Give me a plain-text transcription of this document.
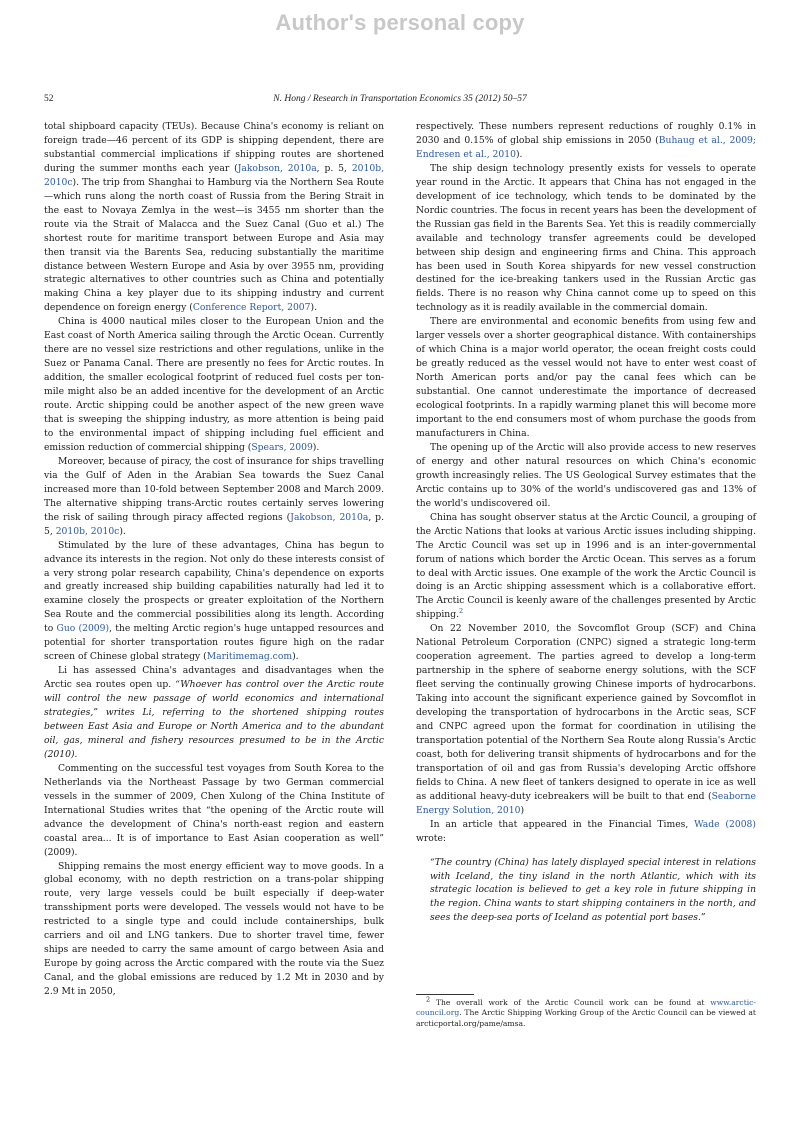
Author's personal copy
52	N. Hong / Research in Transportation Economics 35 (2012) 50–57

total shipboard capacity (TEUs). Because China's economy is reliant on foreign trade—46 percent of its GDP is shipping dependent, there are substantial commercial implications if shipping routes are shortened during the summer months each year (Jakobson, 2010a, p. 5, 2010b, 2010c). The trip from Shanghai to Hamburg via the Northern Sea Route—which runs along the north coast of Russia from the Bering Strait in the east to Novaya Zemlya in the west—is 3455 nm shorter than the route via the Strait of Malacca and the Suez Canal (Guo et al.) The shortest route for maritime transport between Europe and Asia may then transit via the Barents Sea, reducing substantially the maritime distance between Western Europe and Asia by over 3955 nm, providing strategic alternatives to other countries such as China and potentially making China a key player due to its shipping industry and current dependence on foreign energy (Conference Report, 2007).

China is 4000 nautical miles closer to the European Union and the East coast of North America sailing through the Arctic Ocean. Currently there are no vessel size restrictions and other regulations, unlike in the Suez or Panama Canal. There are presently no fees for Arctic routes. In addition, the smaller ecological footprint of reduced fuel costs per ton-mile might also be an added incentive for the development of an Arctic route. Arctic shipping could be another aspect of the new green wave that is sweeping the shipping industry, as more attention is being paid to the environmental impact of shipping including fuel efficient and emission reduction of commercial shipping (Spears, 2009).

Moreover, because of piracy, the cost of insurance for ships travelling via the Gulf of Aden in the Arabian Sea towards the Suez Canal increased more than 10-fold between September 2008 and March 2009. The alternative shipping trans-Arctic routes certainly serves lowering the risk of sailing through piracy affected regions (Jakobson, 2010a, p. 5, 2010b, 2010c).

Stimulated by the lure of these advantages, China has begun to advance its interests in the region. Not only do these interests consist of a very strong polar research capability, China's dependence on exports and greatly increased ship building capabilities naturally had led it to examine closely the prospects or greater exploitation of the Northern Sea Route and the commercial possibilities along its length. According to Guo (2009), the melting Arctic region's huge untapped resources and potential for shorter transportation routes figure high on the radar screen of Chinese global strategy (Maritimemag.com).

Li has assessed China's advantages and disadvantages when the Arctic sea routes open up. “Whoever has control over the Arctic route will control the new passage of world economics and international strategies,” writes Li, referring to the shortened shipping routes between East Asia and Europe or North America and to the abundant oil, gas, mineral and fishery resources presumed to be in the Arctic (2010).

Commenting on the successful test voyages from South Korea to the Netherlands via the Northeast Passage by two German commercial vessels in the summer of 2009, Chen Xulong of the China Institute of International Studies writes that “the opening of the Arctic route will advance the development of China's north-east region and eastern coastal area... It is of importance to East Asian cooperation as well” (2009).

Shipping remains the most energy efficient way to move goods. In a global economy, with no depth restriction on a trans-polar shipping route, very large vessels could be built especially if deep-water transshipment ports were developed. The vessels would not have to be restricted to a single type and could include containerships, bulk carriers and oil and LNG tankers. Due to shorter travel time, fewer ships are needed to carry the same amount of cargo between Asia and Europe by going across the Arctic compared with the route via the Suez Canal, and the global emissions are reduced by 1.2 Mt in 2030 and by 2.9 Mt in 2050,

respectively. These numbers represent reductions of roughly 0.1% in 2030 and 0.15% of global ship emissions in 2050 (Buhaug et al., 2009; Endresen et al., 2010).

The ship design technology presently exists for vessels to operate year round in the Arctic. It appears that China has not engaged in the development of ice technology, which tends to be dominated by the Nordic countries. The focus in recent years has been the development of the Russian gas field in the Barents Sea. Yet this is readily commercially available and technology transfer agreements could be developed between ship design and engineering firms and China. This approach has been used in South Korea shipyards for new vessel construction destined for the ice-breaking tankers used in the Russian Arctic gas fields. There is no reason why China cannot come up to speed on this technology as it is readily available in the commercial domain.

There are environmental and economic benefits from using few and larger vessels over a shorter geographical distance. With containerships of which China is a major world operator, the ocean freight costs could be greatly reduced as the vessel would not have to enter west coast of North American ports and/or pay the canal fees which can be substantial. One cannot underestimate the importance of decreased ecological footprints. In a rapidly warming planet this will become more important to the end consumers most of whom purchase the goods from manufacturers in China.

The opening up of the Arctic will also provide access to new reserves of energy and other natural resources on which China's economic growth increasingly relies. The US Geological Survey estimates that the Arctic contains up to 30% of the world's undiscovered gas and 13% of the world's undiscovered oil.

China has sought observer status at the Arctic Council, a grouping of the Arctic Nations that looks at various Arctic issues including shipping. The Arctic Council was set up in 1996 and is an inter-governmental forum of nations which border the Arctic Ocean. This serves as a forum to deal with Arctic issues. One example of the work the Arctic Council is doing is an Arctic shipping assessment which is a collaborative effort. The Arctic Council is keenly aware of the challenges presented by Arctic shipping.$^2$

On 22 November 2010, the Sovcomflot Group (SCF) and China National Petroleum Corporation (CNPC) signed a strategic long-term cooperation agreement. The parties agreed to develop a long-term partnership in the sphere of seaborne energy solutions, with the SCF fleet serving the continually growing Chinese imports of hydrocarbons. Taking into account the significant experience gained by Sovcomflot in developing the transportation of hydrocarbons in the Arctic seas, SCF and CNPC agreed upon the format for coordination in utilising the transportation potential of the Northern Sea Route along Russia's Arctic coast, both for delivering transit shipments of hydrocarbons and for the transportation of oil and gas from Russia's developing Arctic offshore fields to China. A new fleet of tankers designed to operate in ice as well as additional heavy-duty icebreakers will be built to that end (Seaborne Energy Solution, 2010)

In an article that appeared in the Financial Times, Wade (2008) wrote:

“The country (China) has lately displayed special interest in relations with Iceland, the tiny island in the north Atlantic, which with its strategic location is believed to get a key role in future shipping in the region. China wants to start shipping containers in the north, and sees the deep-sea ports of Iceland as potential port bases.”

$^2$ The overall work of the Arctic Council work can be found at www.arctic-council.org. The Arctic Shipping Working Group of the Arctic Council can be viewed at arcticportal.org/pame/amsa.
